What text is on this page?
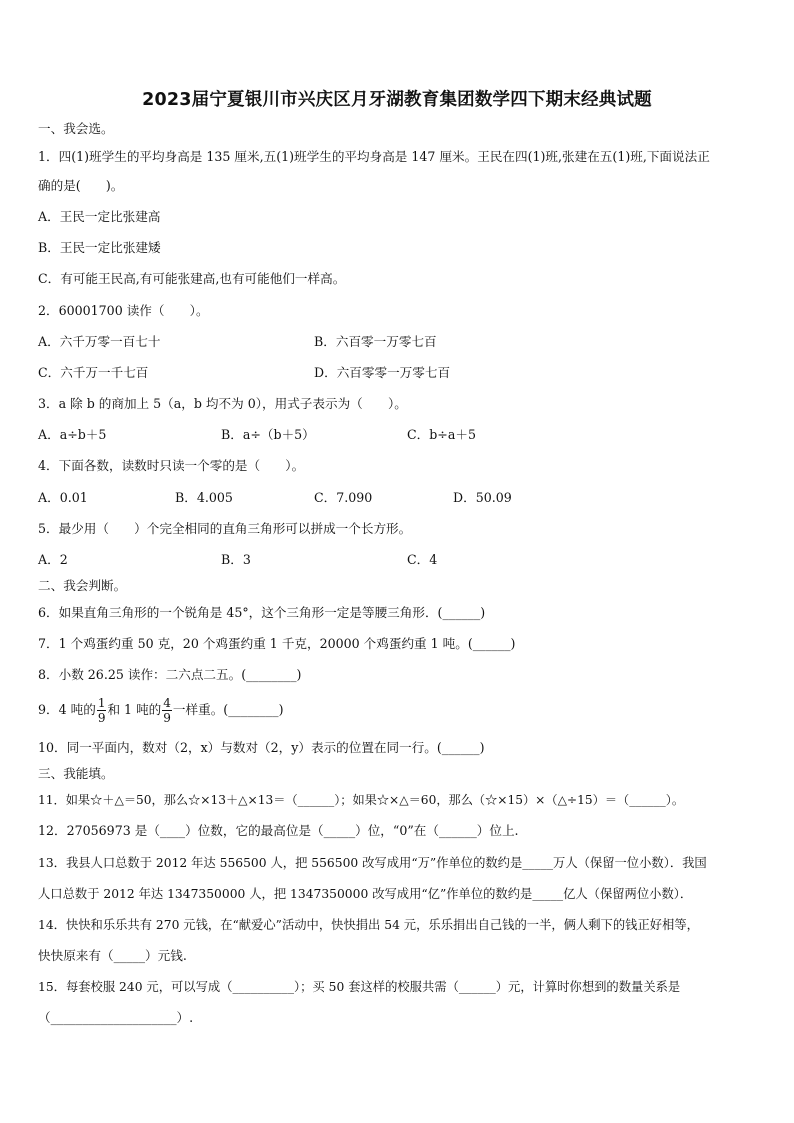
2023届宁夏银川市兴庆区月牙湖教育集团数学四下期末经典试题
一、我会选。
1．四(1)班学生的平均身高是 135 厘米,五(1)班学生的平均身高是 147 厘米。王民在四(1)班,张建在五(1)班,下面说法正
确的是(　　)。
A．王民一定比张建高
B．王民一定比张建矮
C．有可能王民高,有可能张建高,也有可能他们一样高。
2．60001700 读作（　　）。
A．六千万零一百七十	B．六百零一万零七百
C．六千万一千七百	D．六百零零一万零七百
3．a 除 b 的商加上 5（a，b 均不为 0），用式子表示为（　　）。
A．a÷b＋5	B．a÷（b＋5）	C．b÷a＋5
4．下面各数，读数时只读一个零的是（　　）。
A．0.01	B．4.005	C．7.090	D．50.09
5．最少用（　　）个完全相同的直角三角形可以拼成一个长方形。
A．2	B．3	C．4
二、我会判断。
6．如果直角三角形的一个锐角是 45°，这个三角形一定是等腰三角形．(______)
7．1 个鸡蛋约重 50 克，20 个鸡蛋约重 1 千克，20000 个鸡蛋约重 1 吨。(______)
8．小数 26.25 读作：二六点二五。(________)
9．4 吨的 $\frac{1}{9}$ 和 1 吨的 $\frac{4}{9}$ 一样重。(________)
10．同一平面内，数对（2，x）与数对（2，y）表示的位置在同一行。(______)
三、我能填。
11．如果☆＋△＝50，那么☆×13＋△×13＝（______）；如果☆×△＝60，那么（☆×15）×（△÷15）＝（______）。
12．27056973 是（____）位数，它的最高位是（_____）位，“0”在（______）位上.
13．我县人口总数于 2012 年达 556500 人，把 556500 改写成用“万”作单位的数约是_____万人（保留一位小数）．我国
人口总数于 2012 年达 1347350000 人，把 1347350000 改写成用“亿”作单位的数约是_____亿人（保留两位小数）．
14．快快和乐乐共有 270 元钱，在“献爱心”活动中，快快捐出 54 元，乐乐捐出自己钱的一半，俩人剩下的钱正好相等，
快快原来有（_____）元钱.
15．每套校服 240 元，可以写成（__________）；买 50 套这样的校服共需（______）元，计算时你想到的数量关系是
（____________________）.
